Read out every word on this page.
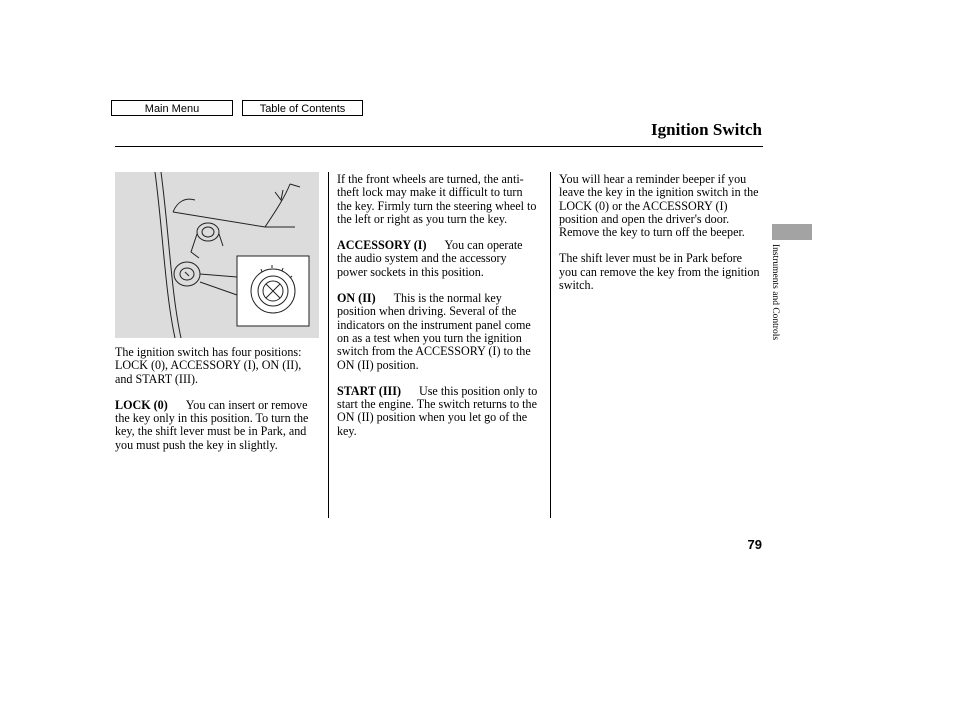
Main Menu	Table of Contents
Ignition Switch

The ignition switch has four positions: LOCK (0), ACCESSORY (I), ON (II), and START (III).

LOCK (0) You can insert or remove the key only in this position. To turn the key, the shift lever must be in Park, and you must push the key in slightly.

If the front wheels are turned, the anti-theft lock may make it difficult to turn the key. Firmly turn the steering wheel to the left or right as you turn the key.

ACCESSORY (I) You can operate the audio system and the accessory power sockets in this position.

ON (II) This is the normal key position when driving. Several of the indicators on the instrument panel come on as a test when you turn the ignition switch from the ACCESSORY (I) to the ON (II) position.

START (III) Use this position only to start the engine. The switch returns to the ON (II) position when you let go of the key.

You will hear a reminder beeper if you leave the key in the ignition switch in the LOCK (0) or the ACCESSORY (I) position and open the driver's door. Remove the key to turn off the beeper.

The shift lever must be in Park before you can remove the key from the ignition switch.	Instruments and Controls
79
